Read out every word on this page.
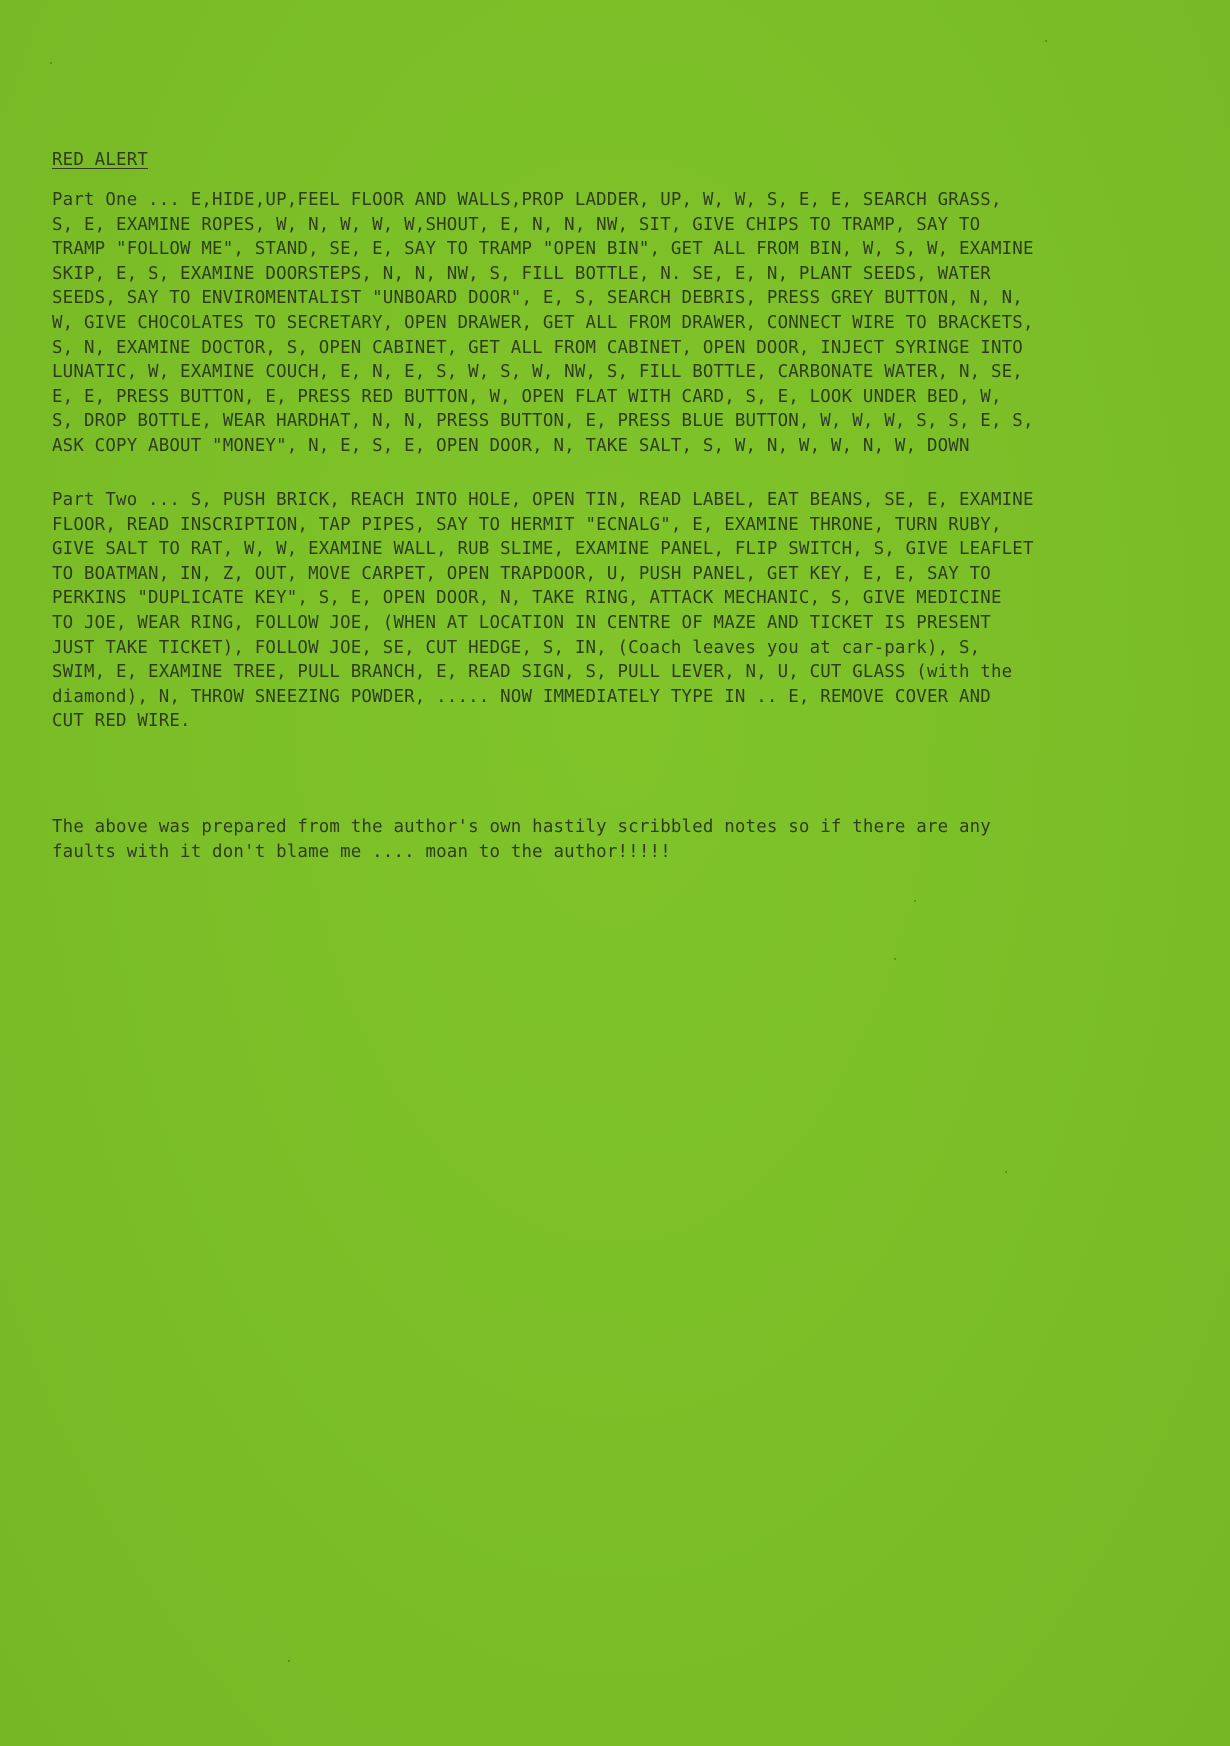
RED ALERT

Part One ... E,HIDE,UP,FEEL FLOOR AND WALLS,PROP LADDER, UP, W, W, S, E, E, SEARCH GRASS,
S, E, EXAMINE ROPES, W, N, W, W, W,SHOUT, E, N, N, NW, SIT, GIVE CHIPS TO TRAMP, SAY TO
TRAMP "FOLLOW ME", STAND, SE, E, SAY TO TRAMP "OPEN BIN", GET ALL FROM BIN, W, S, W, EXAMINE
SKIP, E, S, EXAMINE DOORSTEPS, N, N, NW, S, FILL BOTTLE, N. SE, E, N, PLANT SEEDS, WATER
SEEDS, SAY TO ENVIROMENTALIST "UNBOARD DOOR", E, S, SEARCH DEBRIS, PRESS GREY BUTTON, N, N,
W, GIVE CHOCOLATES TO SECRETARY, OPEN DRAWER, GET ALL FROM DRAWER, CONNECT WIRE TO BRACKETS,
S, N, EXAMINE DOCTOR, S, OPEN CABINET, GET ALL FROM CABINET, OPEN DOOR, INJECT SYRINGE INTO
LUNATIC, W, EXAMINE COUCH, E, N, E, S, W, S, W, NW, S, FILL BOTTLE, CARBONATE WATER, N, SE,
E, E, PRESS BUTTON, E, PRESS RED BUTTON, W, OPEN FLAT WITH CARD, S, E, LOOK UNDER BED, W,
S, DROP BOTTLE, WEAR HARDHAT, N, N, PRESS BUTTON, E, PRESS BLUE BUTTON, W, W, W, S, S, E, S,
ASK COPY ABOUT "MONEY", N, E, S, E, OPEN DOOR, N, TAKE SALT, S, W, N, W, W, N, W, DOWN

Part Two ... S, PUSH BRICK, REACH INTO HOLE, OPEN TIN, READ LABEL, EAT BEANS, SE, E, EXAMINE
FLOOR, READ INSCRIPTION, TAP PIPES, SAY TO HERMIT "ECNALG", E, EXAMINE THRONE, TURN RUBY,
GIVE SALT TO RAT, W, W, EXAMINE WALL, RUB SLIME, EXAMINE PANEL, FLIP SWITCH, S, GIVE LEAFLET
TO BOATMAN, IN, Z, OUT, MOVE CARPET, OPEN TRAPDOOR, U, PUSH PANEL, GET KEY, E, E, SAY TO
PERKINS "DUPLICATE KEY", S, E, OPEN DOOR, N, TAKE RING, ATTACK MECHANIC, S, GIVE MEDICINE
TO JOE, WEAR RING, FOLLOW JOE, (WHEN AT LOCATION IN CENTRE OF MAZE AND TICKET IS PRESENT
JUST TAKE TICKET), FOLLOW JOE, SE, CUT HEDGE, S, IN, (Coach leaves you at car-park), S,
SWIM, E, EXAMINE TREE, PULL BRANCH, E, READ SIGN, S, PULL LEVER, N, U, CUT GLASS (with the
diamond), N, THROW SNEEZING POWDER, ..... NOW IMMEDIATELY TYPE IN .. E, REMOVE COVER AND
CUT RED WIRE.

The above was prepared from the author's own hastily scribbled notes so if there are any
faults with it don't blame me .... moan to the author!!!!!
